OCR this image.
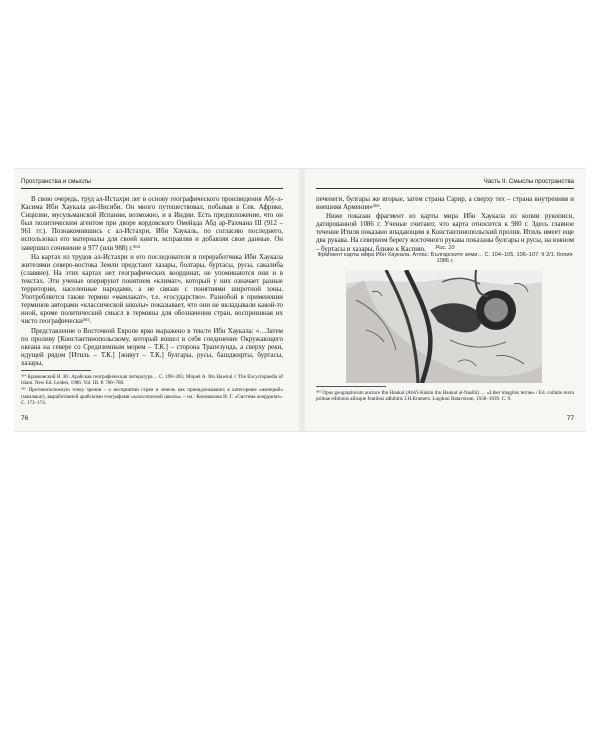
Пространства и смыслы

В свою очередь, труд ал-Истахри лег в основу географического произведения Абу-л-Касима Ибн Хаукала ан-Нисиби. Он много путешествовал, побывав в Сев. Африке, Сицилии, мусульманской Испании, возможно, и в Индии. Есть предположение, что он был политическим агентом при дворе кордовского Омейада Абд ар-Рахмана III (912 – 961 гг.). Познакомившись с ал-Истахри, Ибн Хаукаль, по согласию последнего, использовал его материалы для своей книги, исправляя и добавляя свои данные. Он завершил сочинение в 977 (или 988) г.³⁶⁴

На картах из трудов ал-Истахри и его последователя и переработчика Ибн Хаукала жителями северо-востока Земли предстают хазары, болгары, буртасы, русы, сакалиба (славяне). На этих картах нет географических координат, не упоминаются они и в текстах. Эти ученые оперируют понятием «климат», который у них означает разные территории, населенные народами, а не связан с понятиями широтной зоны. Употребляется также термин «мамлакат», т.е. «государство». Разнобой в применении терминов авторами «классической школы» показывает, что они не вкладывали какой-то иной, кроме политический смысл в термины для обозначения стран, восприниная их чисто географически³⁶⁵.

Представление о Восточной Европе ярко выражено в тексте Ибн Хаукала: «…Затем по проливу [Константинопольскому, который вошел в себя соединение Окружающего океана на севере со Средиземным морем – Т.К.] – сторона Трапезунда, а сверху реки, идущей рядом [Итиль – Т.К.] [живут – Т.К.] булгары, русы, башджирты, буртасы, хазары,

³⁶⁴ Крачковский И. Ю. Арабская географическая литература… С. 198–205; Miquel A. Ibn Hawkal // The Encyclopaedia of Islam. New Ed. Leiden, 1986. Vol. III. P. 786–788.

³⁶⁵ Противоположную точку зрения – о восприятии стран и земель как принадлежавших к категориям «империй» (мамлакат), выработанной арабскими географами «классической школы» – см.: Коновалова И. Г. «Система координат». С. 173–174.

76
Часть II. Смыслы пространства

печенеги, булгары же вторые, затем страна Сарир, а сверху тех – страна внутренняя и внешняя Армения»³⁶⁶.

Ниже показан фрагмент из карты мира Ибн Хаукала из копии рукописи, датированной 1086 г. Ученые считают, что карта относится к 980 г. Здесь главное течение Итиля показано впадающим в Константинопольский пролив. Итиль имеет еще два рукава. На северном берегу восточного рукава показаны булгары и русы, на южном – буртасы и хазары, ближе к Каспию.	Рис. 10
Фрагмент карты мира Ибн Хаукала. Атлас: Българските земи… С. 104–105, 106–107: II 2/1. Копия 1086 г.

³⁶⁶ Opus geographicum auctore Ibn Haukal (Abû'l-Kâsim ibn Haukal al-Nasîbî) … «Liber imaginis terrae» / Ed. collatio textu primae editionis aliisque fontibus adhibitis J.H.Kramers. Lugduni Batavorum, 1938–1939. С. 9.

77
